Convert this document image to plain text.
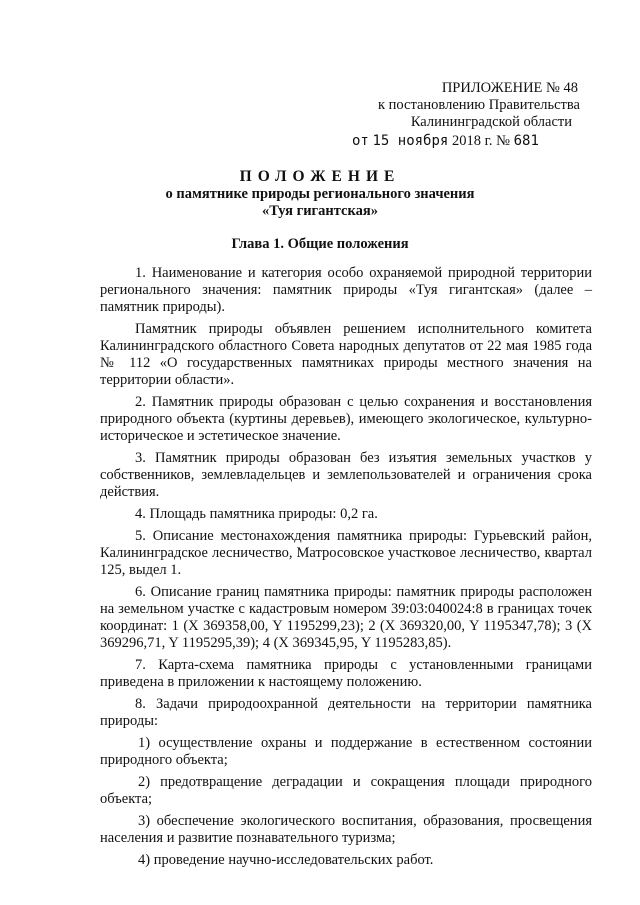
ПРИЛОЖЕНИЕ № 48
к постановлению Правительства
Калининградской области
от 15 ноября 2018 г. № 681
ПОЛОЖЕНИЕ
о памятнике природы регионального значения
«Туя гигантская»
Глава 1. Общие положения

1. Наименование и категория особо охраняемой природной территории регионального значения: памятник природы «Туя гигантская» (далее – памятник природы).

Памятник природы объявлен решением исполнительного комитета Калининградского областного Совета народных депутатов от 22 мая 1985 года № 112 «О государственных памятниках природы местного значения на территории области».

2. Памятник природы образован с целью сохранения и восстановления природного объекта (куртины деревьев), имеющего экологическое, культурно-историческое и эстетическое значение.

3. Памятник природы образован без изъятия земельных участков у собственников, землевладельцев и землепользователей и ограничения срока действия.

4. Площадь памятника природы: 0,2 га.

5. Описание местонахождения памятника природы: Гурьевский район, Калининградское лесничество, Матросовское участковое лесничество, квартал 125, выдел 1.

6. Описание границ памятника природы: памятник природы расположен на земельном участке с кадастровым номером 39:03:040024:8 в границах точек координат: 1 (X 369358,00, Y 1195299,23); 2 (X 369320,00, Y 1195347,78); 3 (X 369296,71, Y 1195295,39); 4 (X 369345,95, Y 1195283,85).

7. Карта-схема памятника природы с установленными границами приведена в приложении к настоящему положению.

8. Задачи природоохранной деятельности на территории памятника природы:

1) осуществление охраны и поддержание в естественном состоянии природного объекта;

2) предотвращение деградации и сокращения площади природного объекта;

3) обеспечение экологического воспитания, образования, просвещения населения и развитие познавательного туризма;

4) проведение научно-исследовательских работ.
